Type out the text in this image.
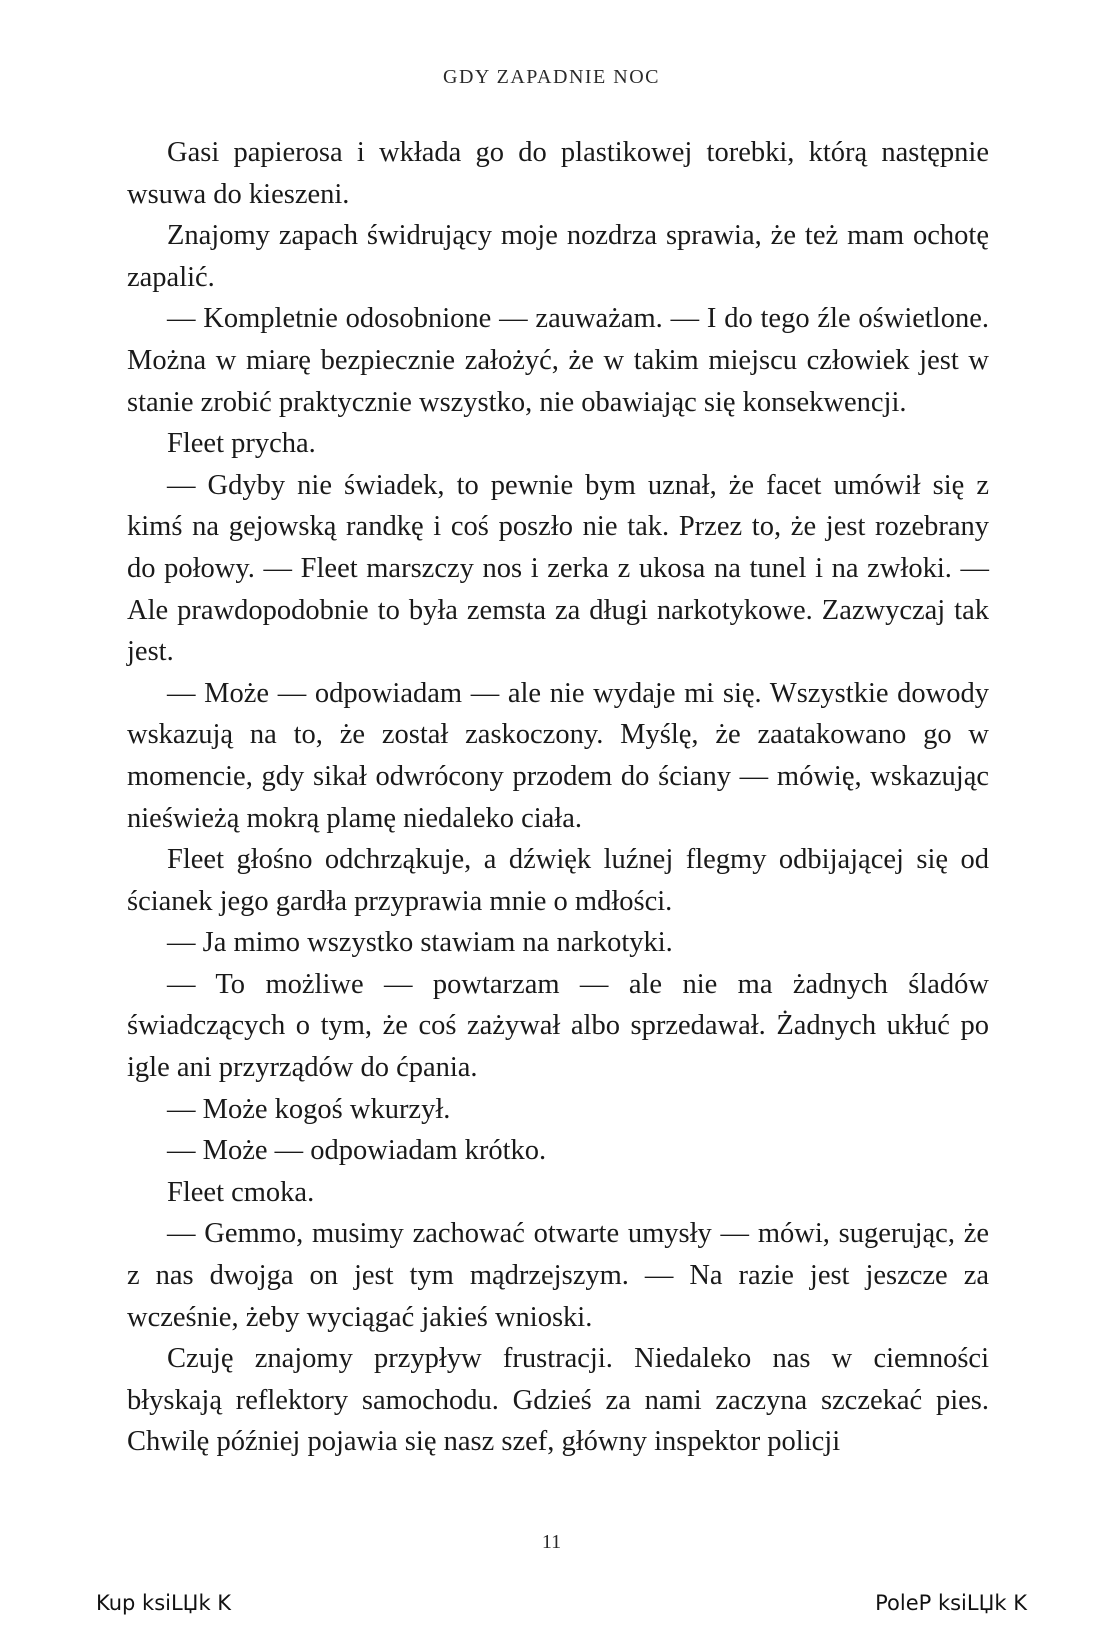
GDY ZAPADNIE NOC

Gasi papierosa i wkłada go do plastikowej torebki, którą następnie wsuwa do kieszeni.

Znajomy zapach świdrujący moje nozdrza sprawia, że też mam ochotę zapalić.

— Kompletnie odosobnione — zauważam. — I do tego źle oświetlone. Można w miarę bezpiecznie założyć, że w takim miejscu człowiek jest w stanie zrobić praktycznie wszystko, nie obawiając się konsekwencji.

Fleet prycha.

— Gdyby nie świadek, to pewnie bym uznał, że facet umówił się z kimś na gejowską randkę i coś poszło nie tak. Przez to, że jest rozebrany do połowy. — Fleet marszczy nos i zerka z ukosa na tunel i na zwłoki. — Ale prawdopodobnie to była zemsta za długi narkotykowe. Zazwyczaj tak jest.

— Może — odpowiadam — ale nie wydaje mi się. Wszystkie dowody wskazują na to, że został zaskoczony. Myślę, że zaatakowano go w momencie, gdy sikał odwrócony przodem do ściany — mówię, wskazując nieświeżą mokrą plamę niedaleko ciała.

Fleet głośno odchrząkuje, a dźwięk luźnej flegmy odbijającej się od ścianek jego gardła przyprawia mnie o mdłości.

— Ja mimo wszystko stawiam na narkotyki.

— To możliwe — powtarzam — ale nie ma żadnych śladów świadczących o tym, że coś zażywał albo sprzedawał. Żadnych ukłuć po igle ani przyrządów do ćpania.

— Może kogoś wkurzył.

— Może — odpowiadam krótko.

Fleet cmoka.

— Gemmo, musimy zachować otwarte umysły — mówi, sugerując, że z nas dwojga on jest tym mądrzejszym. — Na razie jest jeszcze za wcześnie, żeby wyciągać jakieś wnioski.

Czuję znajomy przypływ frustracji. Niedaleko nas w ciemności błyskają reflektory samochodu. Gdzieś za nami zaczyna szczekać pies. Chwilę później pojawia się nasz szef, główny inspektor policji

11
Kup ksiLЏk K	PoleP ksiLЏk K
